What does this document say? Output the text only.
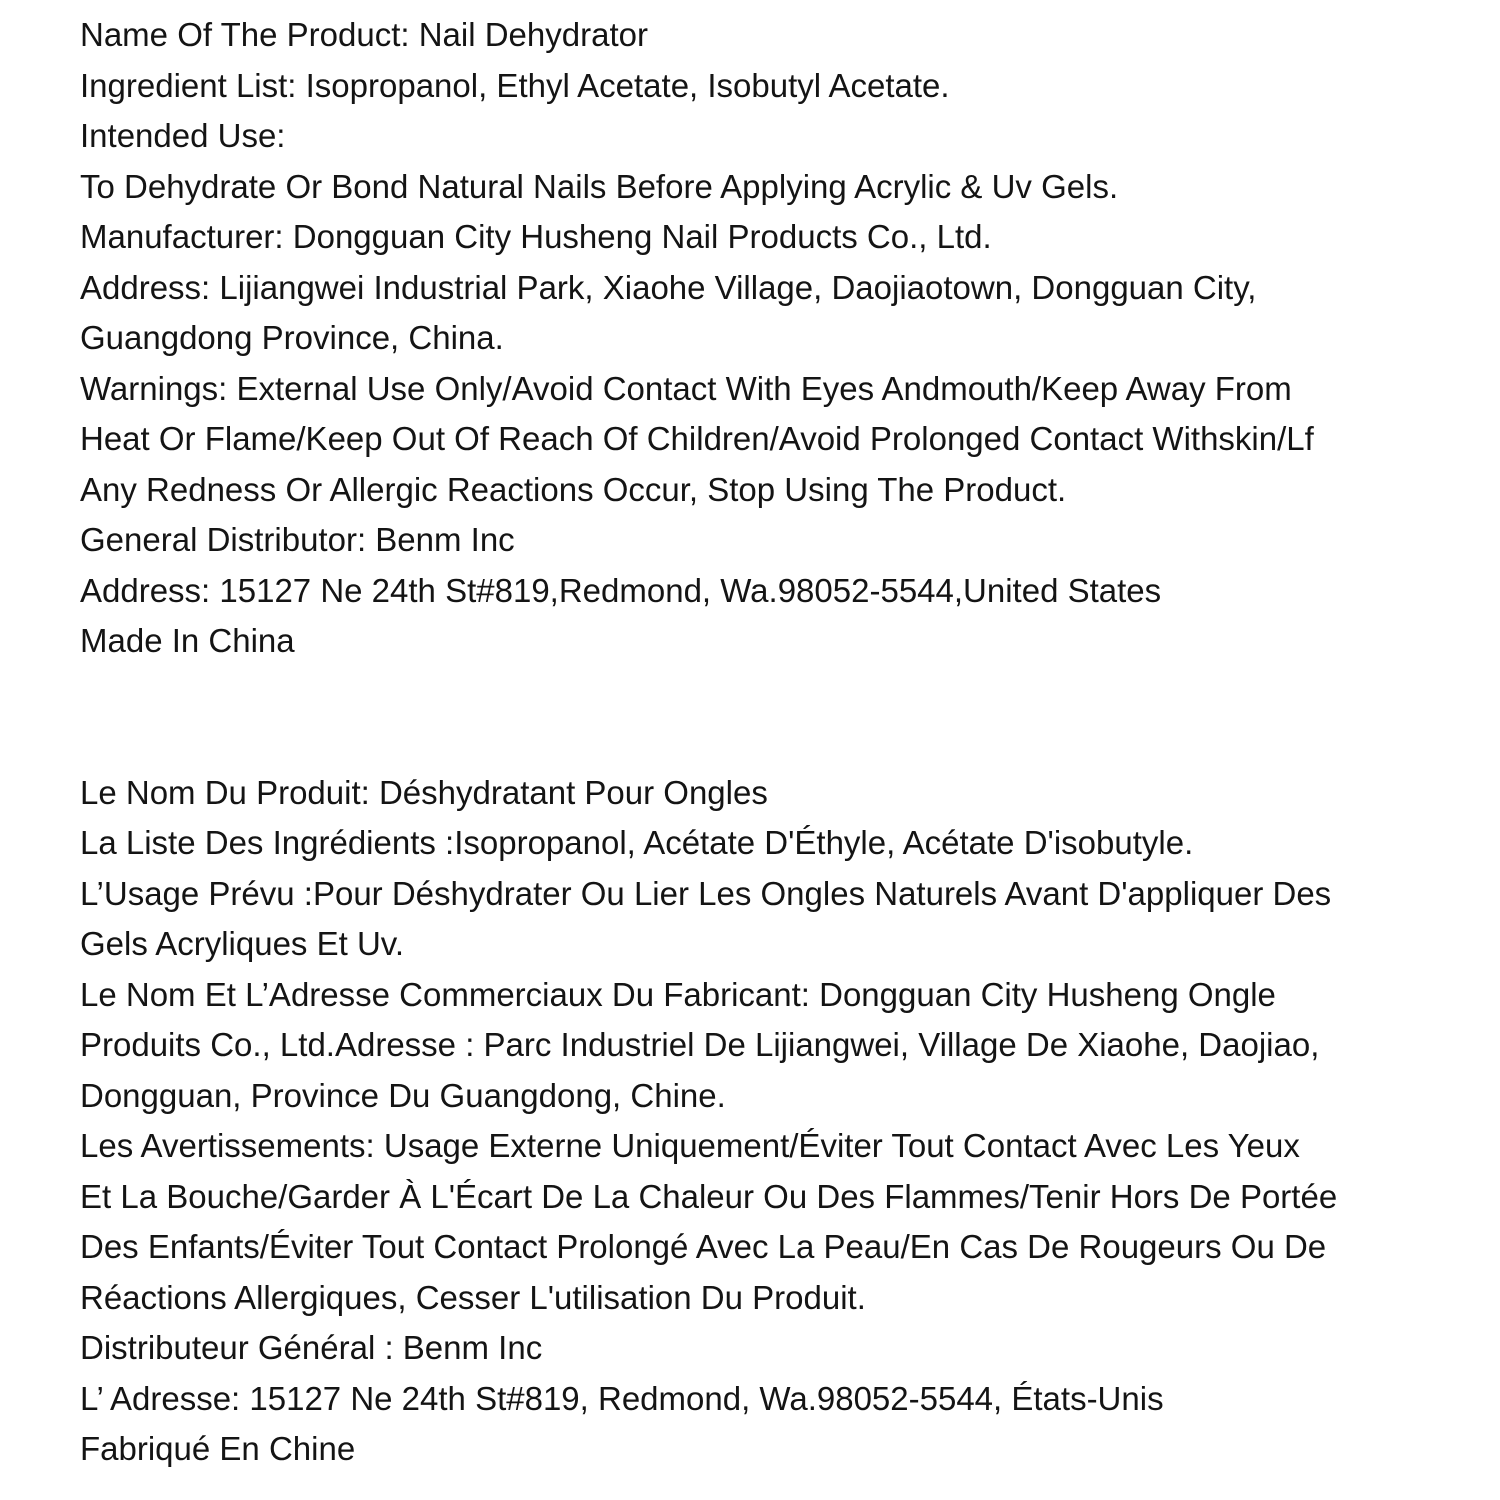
Name Of The Product: Nail Dehydrator
Ingredient List: Isopropanol, Ethyl Acetate, Isobutyl Acetate.
Intended Use:
To Dehydrate Or Bond Natural Nails Before Applying Acrylic & Uv Gels.
Manufacturer: Dongguan City Husheng Nail Products Co., Ltd.
Address: Lijiangwei Industrial Park, Xiaohe Village, Daojiaotown, Dongguan City,
Guangdong Province, China.
Warnings: External Use Only/Avoid Contact With Eyes Andmouth/Keep Away From
Heat Or Flame/Keep Out Of Reach Of Children/Avoid Prolonged Contact Withskin/Lf
Any Redness Or Allergic Reactions Occur, Stop Using The Product.
General Distributor: Benm Inc
Address: 15127 Ne 24th St#819,Redmond, Wa.98052-5544,United States
Made In China
Le Nom Du Produit: Déshydratant Pour Ongles
La Liste Des Ingrédients :Isopropanol, Acétate D'Éthyle, Acétate D'isobutyle.
L’Usage Prévu :Pour Déshydrater Ou Lier Les Ongles Naturels Avant D'appliquer Des
Gels Acryliques Et Uv.
Le Nom Et L’Adresse Commerciaux Du Fabricant: Dongguan City Husheng Ongle
Produits Co., Ltd.Adresse : Parc Industriel De Lijiangwei, Village De Xiaohe, Daojiao,
Dongguan, Province Du Guangdong, Chine.
Les Avertissements: Usage Externe Uniquement/Éviter Tout Contact Avec Les Yeux
Et La Bouche/Garder À L'Écart De La Chaleur Ou Des Flammes/Tenir Hors De Portée
Des Enfants/Éviter Tout Contact Prolongé Avec La Peau/En Cas De Rougeurs Ou De
Réactions Allergiques, Cesser L'utilisation Du Produit.
Distributeur Général : Benm Inc
L’ Adresse: 15127 Ne 24th St#819, Redmond, Wa.98052-5544, États-Unis
Fabriqué En Chine
